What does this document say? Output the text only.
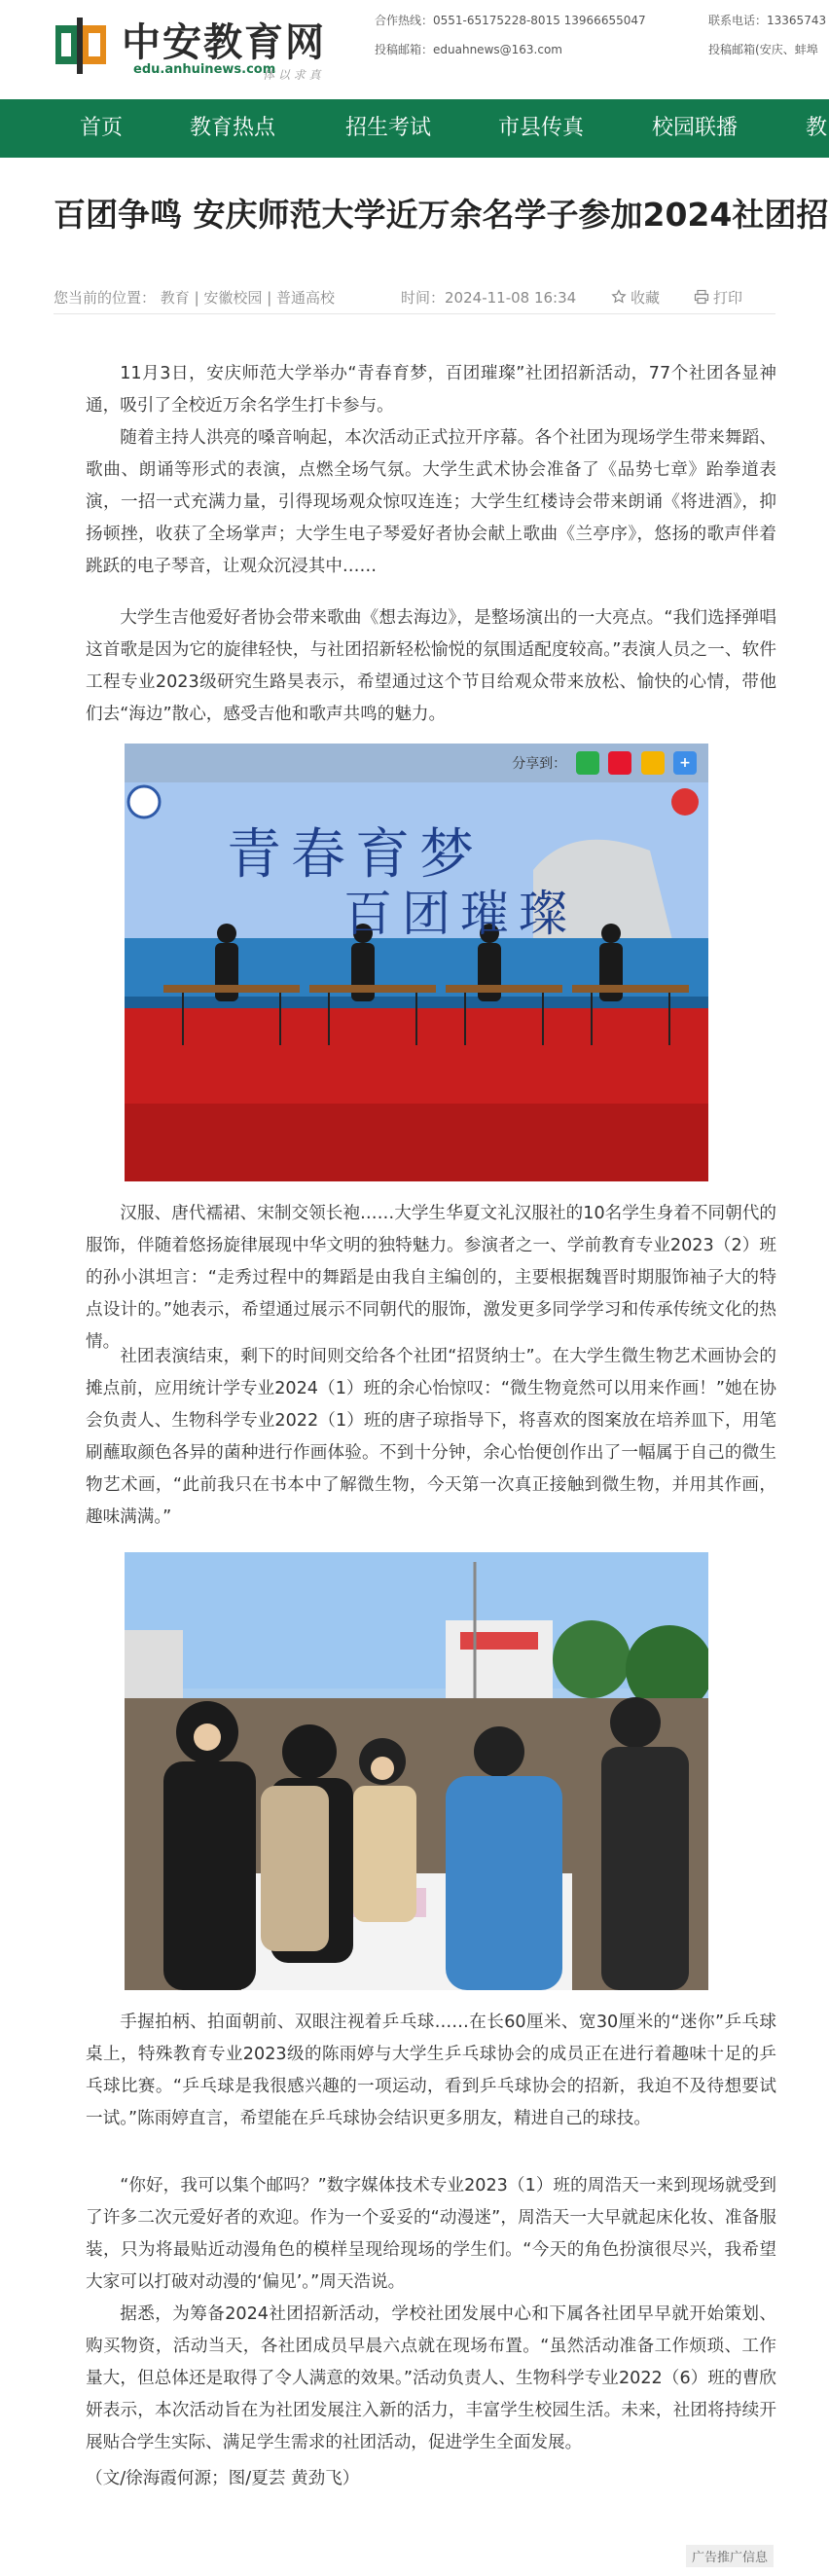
中安教育网
edu.anhuinews.com
体 以 求 真
合作热线：0551-65175228-8015 13966655047
投稿邮箱：eduahnews@163.com
联系电话：13365743
投稿邮箱(安庆、蚌埠
首页	教育热点	招生考试	市县传真	校园联播	教
百团争鸣 安庆师范大学近万余名学子参加2024社团招
您当前的位置： 教育 | 安徽校园 | 普通高校	时间：2024-11-08 16:34	收藏	打印

11月3日，安庆师范大学举办“青春育梦，百团璀璨”社团招新活动，77个社团各显神通，吸引了全校近万余名学生打卡参与。

随着主持人洪亮的嗓音响起，本次活动正式拉开序幕。各个社团为现场学生带来舞蹈、歌曲、朗诵等形式的表演，点燃全场气氛。大学生武术协会准备了《品势七章》跆拳道表演，一招一式充满力量，引得现场观众惊叹连连；大学生红楼诗会带来朗诵《将进酒》，抑扬顿挫，收获了全场掌声；大学生电子琴爱好者协会献上歌曲《兰亭序》，悠扬的歌声伴着跳跃的电子琴音，让观众沉浸其中……

大学生吉他爱好者协会带来歌曲《想去海边》，是整场演出的一大亮点。“我们选择弹唱这首歌是因为它的旋律轻快，与社团招新轻松愉悦的氛围适配度较高。”表演人员之一、软件工程专业2023级研究生路昊表示，希望通过这个节目给观众带来放松、愉快的心情，带他们去“海边”散心，感受吉他和歌声共鸣的魅力。

青春育梦
百团璀璨
分享到：	+

汉服、唐代襦裙、宋制交领长袍……大学生华夏文礼汉服社的10名学生身着不同朝代的服饰，伴随着悠扬旋律展现中华文明的独特魅力。参演者之一、学前教育专业2023（2）班的孙小淇坦言：“走秀过程中的舞蹈是由我自主编创的，主要根据魏晋时期服饰袖子大的特点设计的。”她表示，希望通过展示不同朝代的服饰，激发更多同学学习和传承传统文化的热情。

社团表演结束，剩下的时间则交给各个社团“招贤纳士”。在大学生微生物艺术画协会的摊点前，应用统计学专业2024（1）班的余心怡惊叹：“微生物竟然可以用来作画！”她在协会负责人、生物科学专业2022（1）班的唐子琼指导下，将喜欢的图案放在培养皿下，用笔刷蘸取颜色各异的菌种进行作画体验。不到十分钟，余心怡便创作出了一幅属于自己的微生物艺术画，“此前我只在书本中了解微生物，今天第一次真正接触到微生物，并用其作画，趣味满满。”

手握拍柄、拍面朝前、双眼注视着乒乓球……在长60厘米、宽30厘米的“迷你”乒乓球桌上，特殊教育专业2023级的陈雨婷与大学生乒乓球协会的成员正在进行着趣味十足的乒乓球比赛。“乒乓球是我很感兴趣的一项运动，看到乒乓球协会的招新，我迫不及待想要试一试。”陈雨婷直言，希望能在乒乓球协会结识更多朋友，精进自己的球技。

“你好，我可以集个邮吗？”数字媒体技术专业2023（1）班的周浩天一来到现场就受到了许多二次元爱好者的欢迎。作为一个妥妥的“动漫迷”，周浩天一大早就起床化妆、准备服装，只为将最贴近动漫角色的模样呈现给现场的学生们。“今天的角色扮演很尽兴，我希望大家可以打破对动漫的‘偏见’。”周天浩说。

据悉，为筹备2024社团招新活动，学校社团发展中心和下属各社团早早就开始策划、购买物资，活动当天，各社团成员早晨六点就在现场布置。“虽然活动准备工作烦琐、工作量大，但总体还是取得了令人满意的效果。”活动负责人、生物科学专业2022（6）班的曹欣妍表示，本次活动旨在为社团发展注入新的活力，丰富学生校园生活。未来，社团将持续开展贴合学生实际、满足学生需求的社团活动，促进学生全面发展。

（文/徐海霞何源；图/夏芸 黄劲飞）
广告推广信息
